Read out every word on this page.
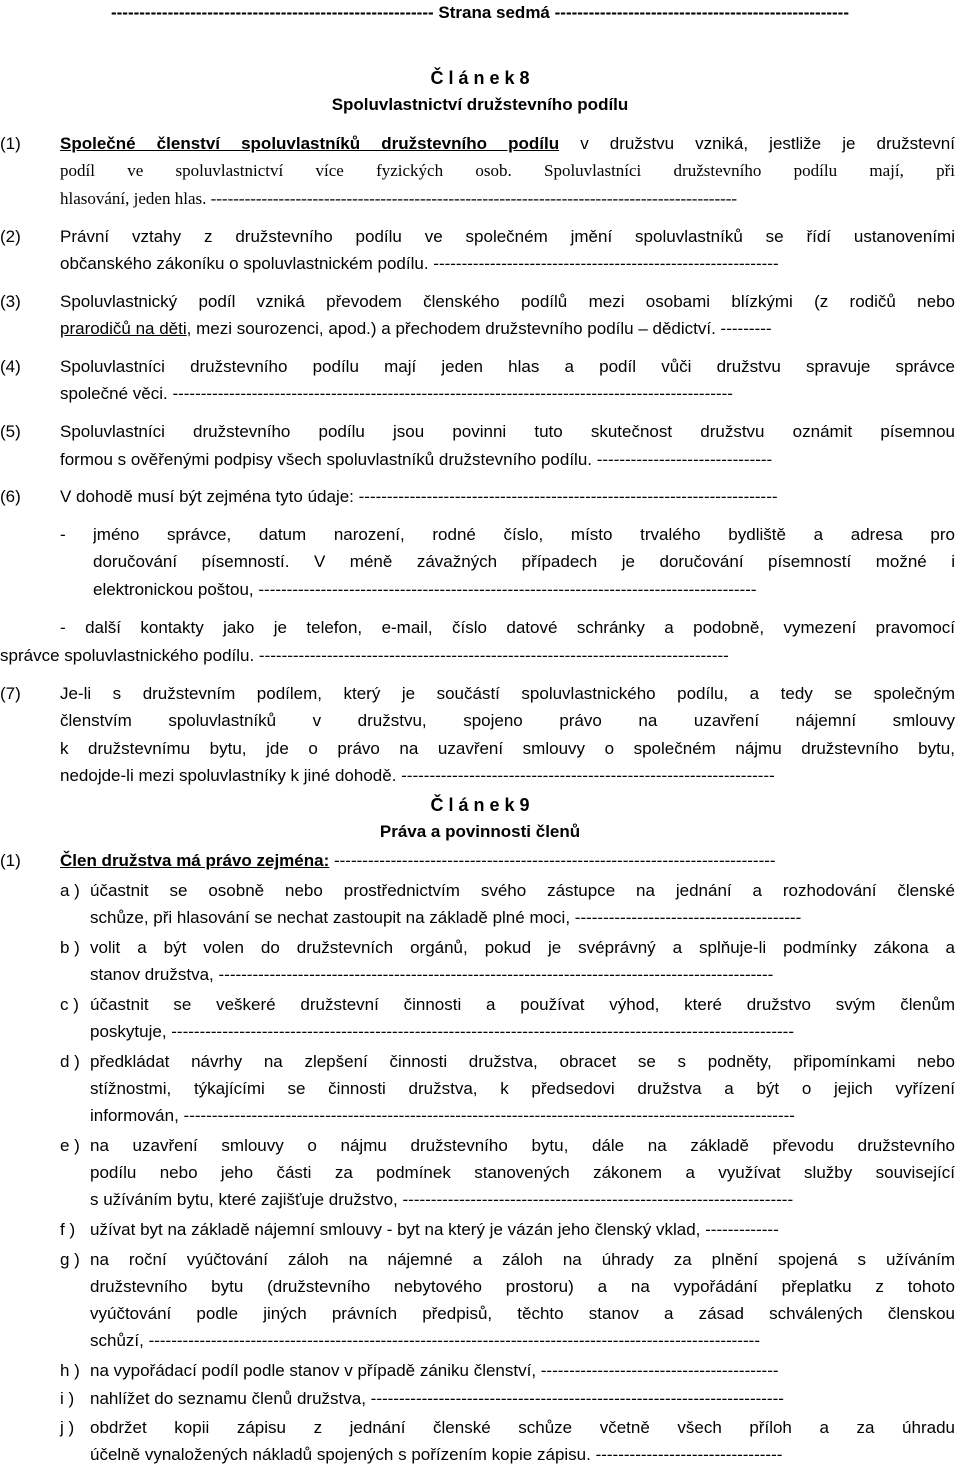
--------------------------------------------------------- Strana sedmá ----------------------------------------------------
Č l á n e k 8
Spoluvlastnictví družstevního podílu
(1)	Společné členství spoluvlastníků družstevního podílu v družstvu vzniká, jestliže je družstevní
podíl ve spoluvlastnictví více fyzických osob. Spoluvlastníci družstevního podílu mají, při
hlasování, jeden hlas. ---------------------------------------------------------------------------------------------
(2)	Právní vztahy z družstevního podílu ve společném jmění spoluvlastníků se řídí ustanoveními
občanského zákoníku o spoluvlastnickém podílu. -------------------------------------------------------------
(3)	Spoluvlastnický podíl vzniká převodem členského podílů mezi osobami blízkými (z rodičů nebo
prarodičů na děti, mezi sourozenci, apod.) a přechodem družstevního podílu – dědictví. ---------
(4)	Spoluvlastníci družstevního podílu mají jeden hlas a podíl vůči družstvu spravuje správce
společné věci. ---------------------------------------------------------------------------------------------------
(5)	Spoluvlastníci družstevního podílu jsou povinni tuto skutečnost družstvu oznámit písemnou
formou s ověřenými podpisy všech spoluvlastníků družstevního podílu. -------------------------------
(6)	V dohodě musí být zejména tyto údaje: --------------------------------------------------------------------------
- jméno správce, datum narození, rodné číslo, místo trvalého bydliště a adresa pro
doručování písemností. V méně závažných případech je doručování písemností možné i
elektronickou poštou, ----------------------------------------------------------------------------------------
- další kontakty jako je telefon, e-mail, číslo datové schránky a podobně, vymezení pravomocí
správce spoluvlastnického podílu. -----------------------------------------------------------------------------------
(7)	Je-li s družstevním podílem, který je součástí spoluvlastnického podílu, a tedy se společným
členstvím spoluvlastníků v družstvu, spojeno právo na uzavření nájemní smlouvy
k družstevnímu bytu, jde o právo na uzavření smlouvy o společném nájmu družstevního bytu,
nedojde-li mezi spoluvlastníky k jiné dohodě. ------------------------------------------------------------------
Č l á n e k 9
Práva a povinnosti členů
(1)	Člen družstva má právo zejména: ------------------------------------------------------------------------------
a ) účastnit se osobně nebo prostřednictvím svého zástupce na jednání a rozhodování členské
schůze, při hlasování se nechat zastoupit na základě plné moci, ----------------------------------------
b ) volit a být volen do družstevních orgánů, pokud je svéprávný a splňuje-li podmínky zákona a
stanov družstva, --------------------------------------------------------------------------------------------------
c ) účastnit se veškeré družstevní činnosti a používat výhod, které družstvo svým členům
poskytuje, --------------------------------------------------------------------------------------------------------------
d ) předkládat návrhy na zlepšení činnosti družstva, obracet se s podněty, připomínkami nebo
stížnostmi, týkajícími se činnosti družstva, k předsedovi družstva a být o jejich vyřízení
informován, ------------------------------------------------------------------------------------------------------------
e ) na uzavření smlouvy o nájmu družstevního bytu, dále na základě převodu družstevního
podílu nebo jeho části za podmínek stanovených zákonem a využívat služby související
s užíváním bytu, které zajišťuje družstvo, ---------------------------------------------------------------------
f ) užívat byt na základě nájemní smlouvy - byt na který je vázán jeho členský vklad, -------------
g ) na roční vyúčtování záloh na nájemné a záloh na úhrady za plnění spojená s užíváním
družstevního bytu (družstevního nebytového prostoru) a na vypořádání přeplatku z tohoto
vyúčtování podle jiných právních předpisů, těchto stanov a zásad schválených členskou
schůzí, ------------------------------------------------------------------------------------------------------------
h ) na vypořádací podíl podle stanov v případě zániku členství, ------------------------------------------
i ) nahlížet do seznamu členů družstva, -------------------------------------------------------------------------
j ) obdržet kopii zápisu z jednání členské schůze včetně všech příloh a za úhradu
účelně vynaložených nákladů spojených s pořízením kopie zápisu. ---------------------------------
